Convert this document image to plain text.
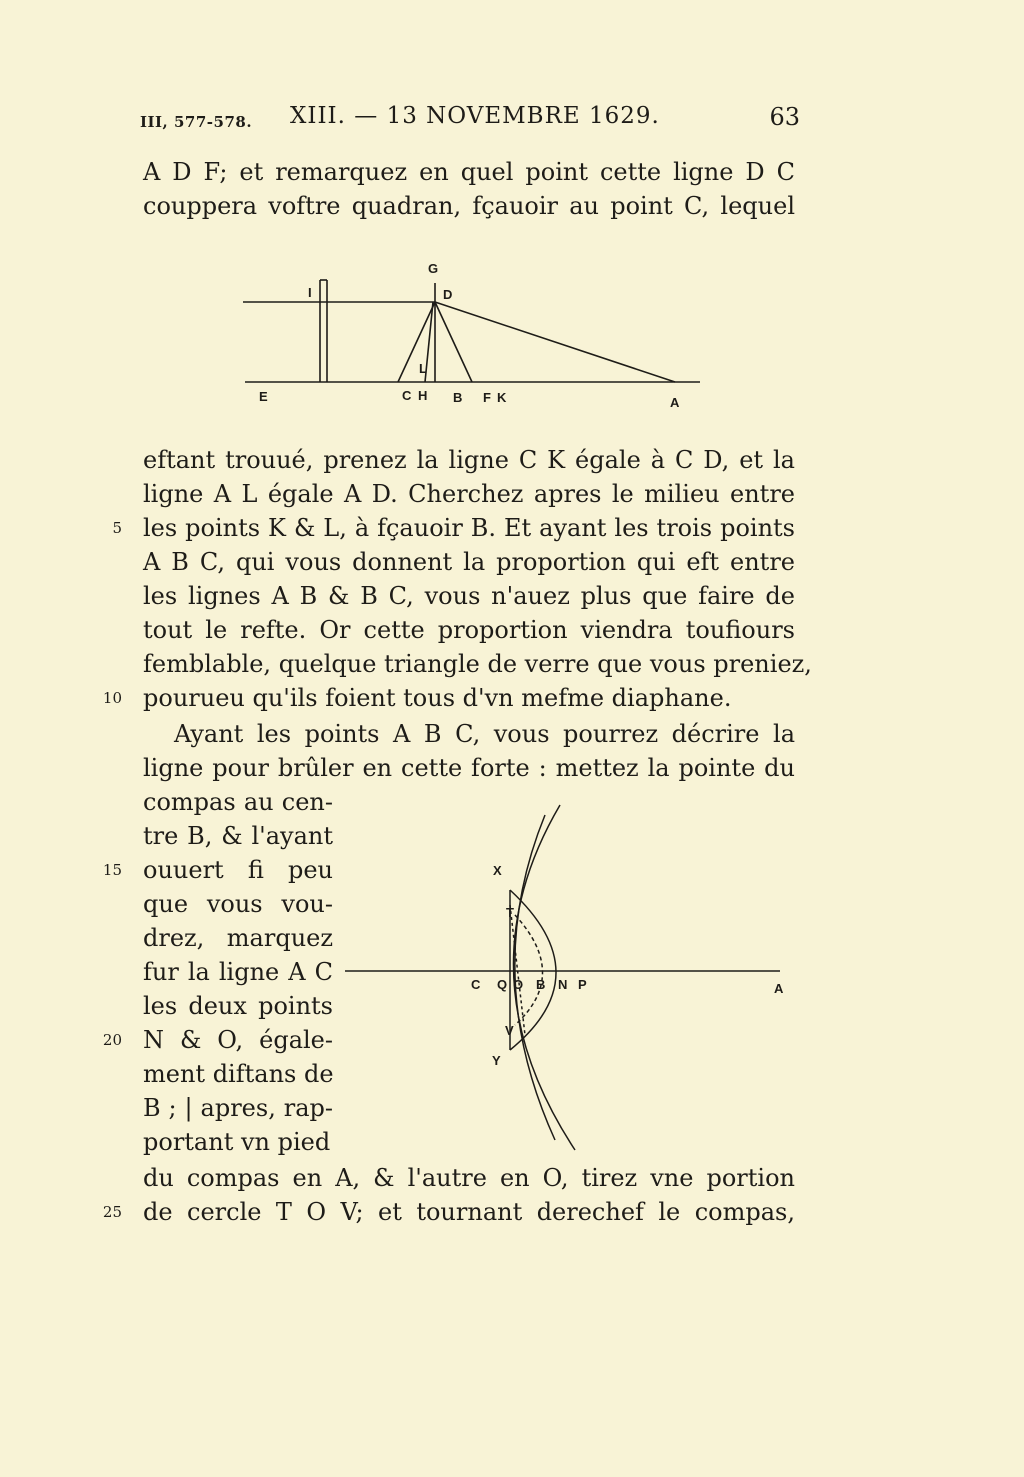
III, 577-578. XIII. — 13 NOVEMBRE 1629.	63
A D F; et remarquez en quel point cette ligne D C
couppera voftre quadran, fçauoir au point C, lequel
G
I	D
E
L
C H B F K	A
eftant trouué, prenez la ligne C K égale à C D, et la
ligne A L égale A D. Cherchez apres le milieu entre
les points K & L, à fçauoir B. Et ayant les trois points
A B C, qui vous donnent la proportion qui eft entre
les lignes A B & B C, vous n'auez plus que faire de
tout le refte. Or cette proportion viendra toufiours
femblable, quelque triangle de verre que vous preniez,
pourueu qu'ils foient tous d'vn mefme diaphane.
Ayant les points A B C, vous pourrez décrire la
ligne pour brûler en cette forte : mettez la pointe du
compas au cen-
tre B, & l'ayant
ouuert fi peu
que vous vou-
drez, marquez
fur la ligne A C
les deux points
N & O, égale-
ment diftans de
B ; | apres, rap-
portant vn pied
X
T
C Q O B N P	A
V
Y
du compas en A, & l'autre en O, tirez vne portion
de cercle T O V; et tournant derechef le compas,
5
10
15
20
25
